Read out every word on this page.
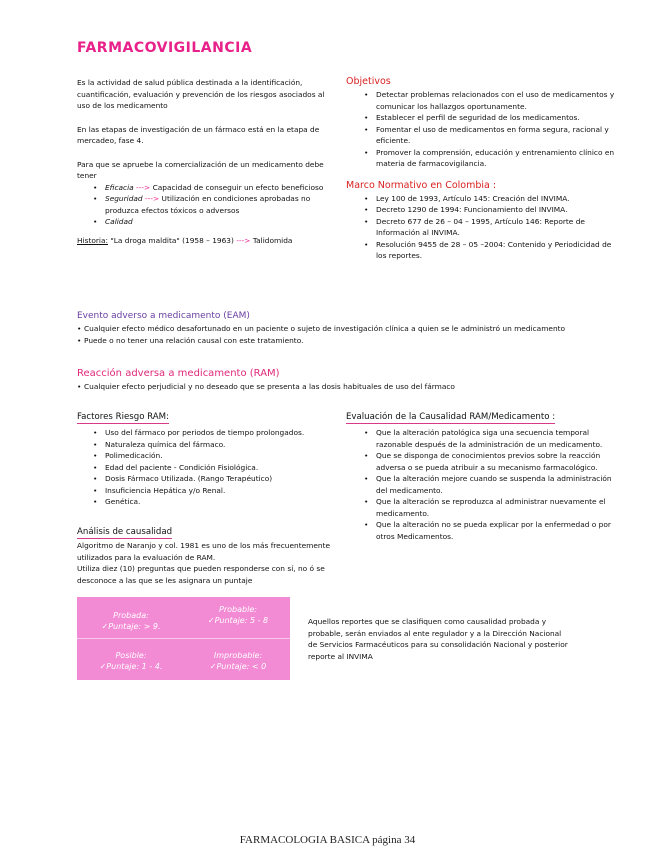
FARMACOVIGILANCIA

Es la actividad de salud pública destinada a la identificación, cuantificación, evaluación y prevención de los riesgos asociados al uso de los medicamento

En las etapas de investigación de un fármaco está en la etapa de mercadeo, fase 4.

Para que se apruebe la comercialización de un medicamento debe tener

• Eficacia ---> Capacidad de conseguir un efecto beneficioso
• Seguridad ---> Utilización en condiciones aprobadas no produzca efectos tóxicos o adversos
• Calidad

Historia: "La droga maldita" (1958 – 1963) ---> Talidomida

Objetivos
• Detectar problemas relacionados con el uso de medicamentos y comunicar los hallazgos oportunamente.
• Establecer el perfil de seguridad de los medicamentos.
• Fomentar el uso de medicamentos en forma segura, racional y eficiente.
• Promover la comprensión, educación y entrenamiento clínico en materia de farmacovigilancia.
Marco Normativo en Colombia :
• Ley 100 de 1993, Artículo 145: Creación del INVIMA.
• Decreto 1290 de 1994: Funcionamiento del INVIMA.
• Decreto 677 de 26 – 04 – 1995, Artículo 146: Reporte de Información al INVIMA.
• Resolución 9455 de 28 – 05 –2004: Contenido y Periodicidad de los reportes.
Evento adverso a medicamento (EAM)
• Cualquier efecto médico desafortunado en un paciente o sujeto de investigación clínica a quien se le administró un medicamento
• Puede o no tener una relación causal con este tratamiento.
Reacción adversa a medicamento (RAM)
• Cualquier efecto perjudicial y no deseado que se presenta a las dosis habituales de uso del fármaco
Factores Riesgo RAM:
• Uso del fármaco por periodos de tiempo prolongados.
• Naturaleza química del fármaco.
• Polimedicación.
• Edad del paciente - Condición Fisiológica.
• Dosis Fármaco Utilizada. (Rango Terapéutico)
• Insuficiencia Hepática y/o Renal.
• Genética.
Análisis de causalidad

Algoritmo de Naranjo y col. 1981 es uno de los más frecuentemente utilizados para la evaluación de RAM.

Utiliza diez (10) preguntas que pueden responderse con sí, no ó se desconoce a las que se les asignara un puntaje

Evaluación de la Causalidad RAM/Medicamento :
• Que la alteración patológica siga una secuencia temporal razonable después de la administración de un medicamento.
• Que se disponga de conocimientos previos sobre la reacción adversa o se pueda atribuir a su mecanismo farmacológico.
• Que la alteración mejore cuando se suspenda la administración del medicamento.
• Que la alteración se reproduzca al administrar nuevamente el medicamento.
• Que la alteración no se pueda explicar por la enfermedad o por otros Medicamentos.
Probada:
✓Puntaje: > 9.
Probable:
✓Puntaje: 5 - 8
Posible:
✓Puntaje: 1 - 4.
Improbable:
✓Puntaje: < 0
Aquellos reportes que se clasifiquen como causalidad probada y probable, serán enviados al ente regulador y a la Dirección Nacional de Servicios Farmacéuticos para su consolidación Nacional y posterior reporte al INVIMA
FARMACOLOGIA BASICA página 34
